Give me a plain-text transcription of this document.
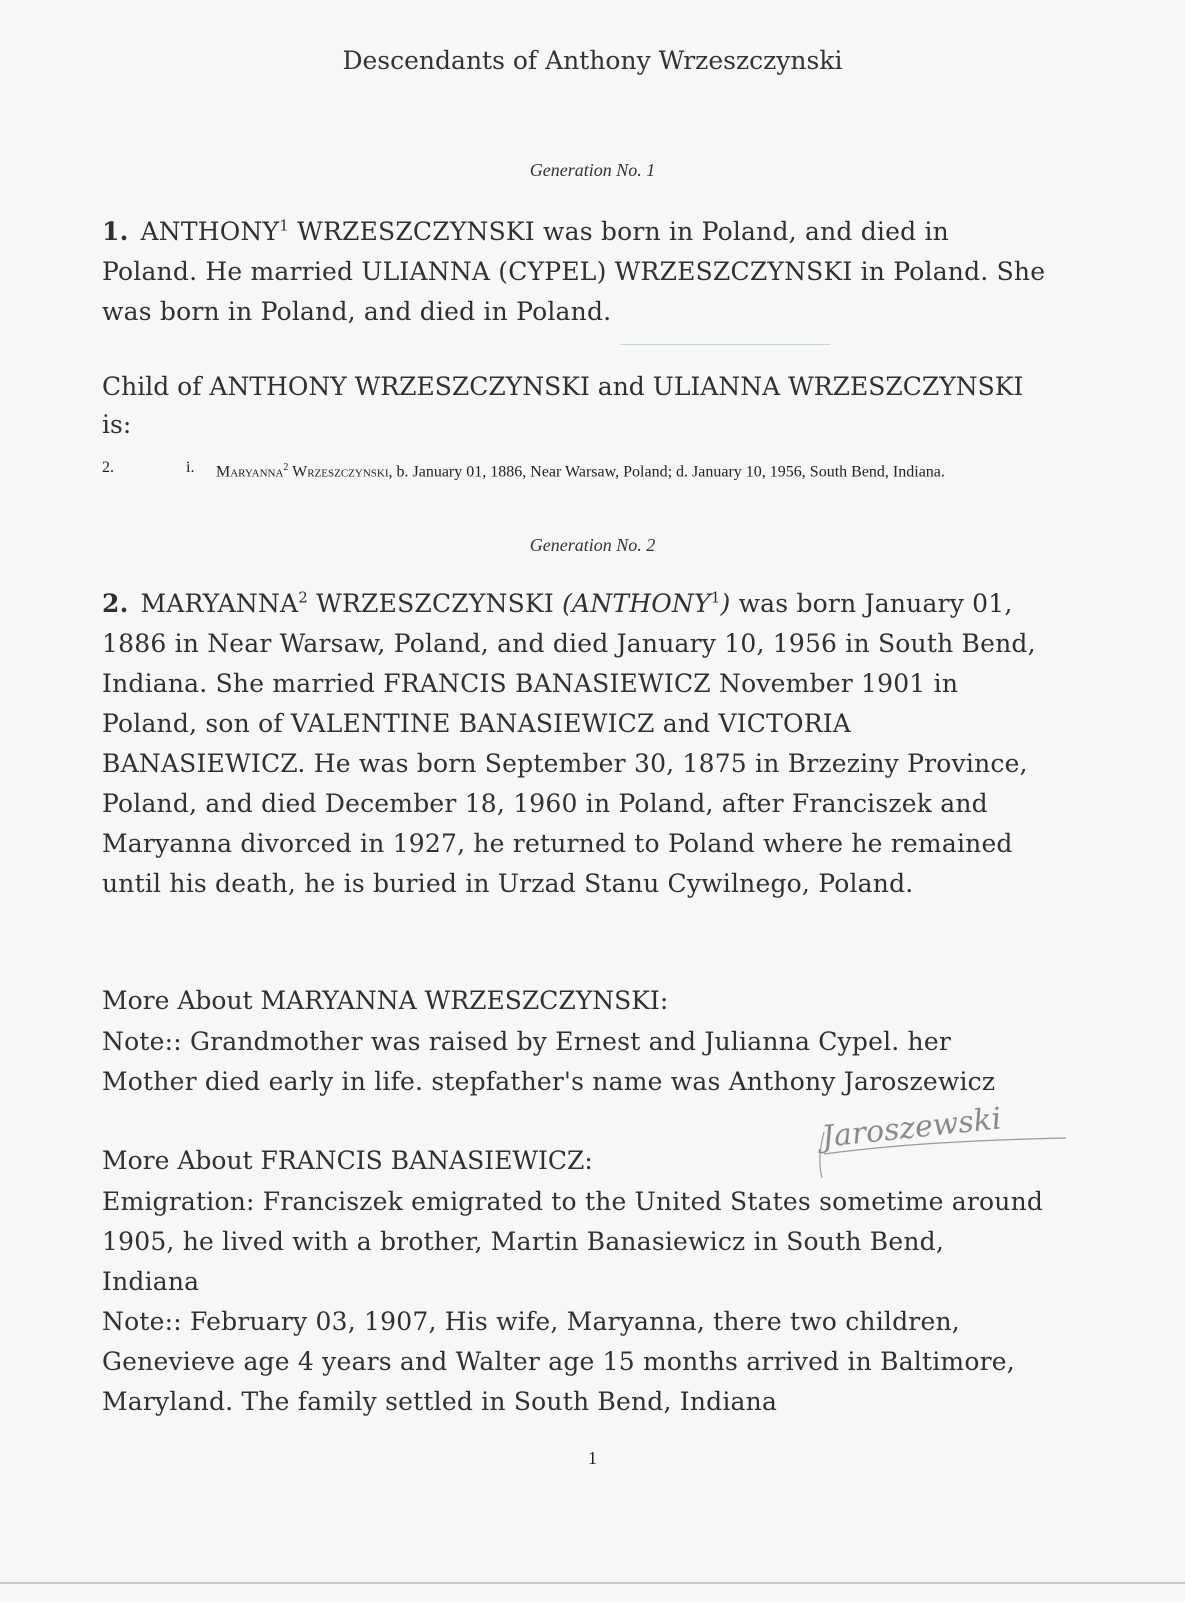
Descendants of Anthony Wrzeszczynski
Generation No. 1
1. ANTHONY$^1$ WRZESZCZYNSKI was born in Poland, and died in Poland. He married ULIANNA (CYPEL) WRZESZCZYNSKI in Poland. She was born in Poland, and died in Poland.
Child of ANTHONY WRZESZCZYNSKI and ULIANNA WRZESZCZYNSKI is:
2.	i. Maryanna$^2$ Wrzeszczynski, b. January 01, 1886, Near Warsaw, Poland; d. January 10, 1956, South Bend, Indiana.
Generation No. 2
2. MARYANNA$^2$ WRZESZCZYNSKI (ANTHONY$^1$) was born January 01, 1886 in Near Warsaw, Poland, and died January 10, 1956 in South Bend, Indiana. She married FRANCIS BANASIEWICZ November 1901 in Poland, son of VALENTINE BANASIEWICZ and VICTORIA BANASIEWICZ. He was born September 30, 1875 in Brzeziny Province, Poland, and died December 18, 1960 in Poland, after Franciszek and Maryanna divorced in 1927, he returned to Poland where he remained until his death, he is buried in Urzad Stanu Cywilnego, Poland.
More About MARYANNA WRZESZCZYNSKI:
Note:: Grandmother was raised by Ernest and Julianna Cypel. her Mother died early in life. stepfather's name was Anthony Jaroszewicz
Jaroszewski
More About FRANCIS BANASIEWICZ:
Emigration: Franciszek emigrated to the United States sometime around 1905, he lived with a brother, Martin Banasiewicz in South Bend, Indiana
Note:: February 03, 1907, His wife, Maryanna, there two children, Genevieve age 4 years and Walter age 15 months arrived in Baltimore, Maryland. The family settled in South Bend, Indiana
1
